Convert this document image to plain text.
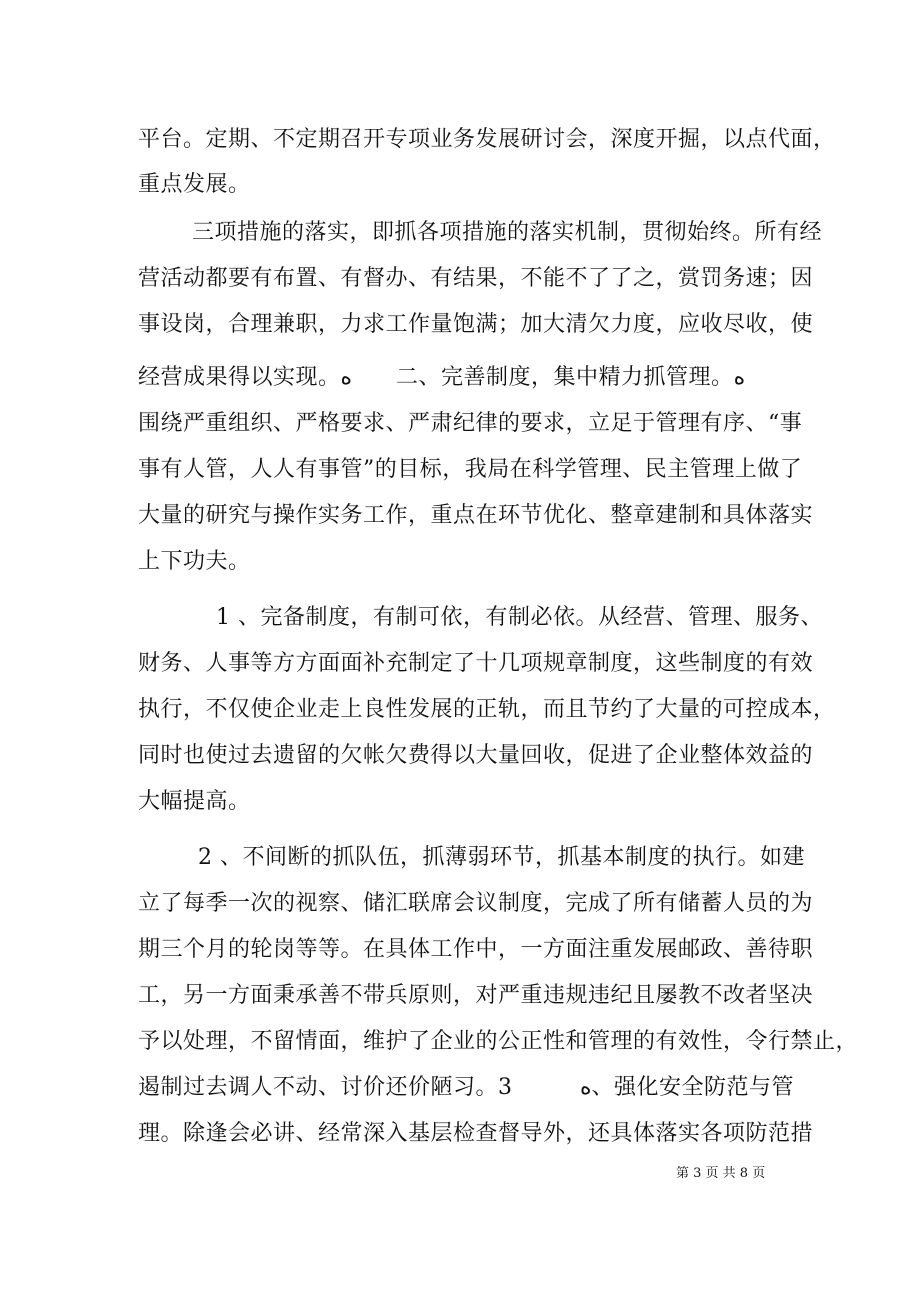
平台。定期、不定期召开专项业务发展研讨会，深度开掘，以点代面，
重点发展。
三项措施的落实，即抓各项措施的落实机制，贯彻始终。所有经
营活动都要有布置、有督办、有结果，不能不了了之，赏罚务速；因
事设岗，合理兼职，力求工作量饱满；加大清欠力度，应收尽收，使
经营成果得以实现。ﻩ　　二、完善制度，集中精力抓管理。ﻩ
围绕严重组织、严格要求、严肃纪律的要求，立足于管理有序、“事
事有人管，人人有事管”的目标，我局在科学管理、民主管理上做了
大量的研究与操作实务工作，重点在环节优化、整章建制和具体落实
上下功夫。
1 、完备制度，有制可依，有制必依。从经营、管理、服务、
财务、人事等方方面面补充制定了十几项规章制度，这些制度的有效
执行，不仅使企业走上良性发展的正轨，而且节约了大量的可控成本，
同时也使过去遗留的欠帐欠费得以大量回收，促进了企业整体效益的
大幅提高。
2 、不间断的抓队伍，抓薄弱环节，抓基本制度的执行。如建
立了每季一次的视察、储汇联席会议制度，完成了所有储蓄人员的为
期三个月的轮岗等等。在具体工作中，一方面注重发展邮政、善待职
工，另一方面秉承善不带兵原则，对严重违规违纪且屡教不改者坚决
予以处理，不留情面，维护了企业的公正性和管理的有效性，令行禁止，
遏制过去调人不动、讨价还价陋习。3　　　ﻩ、强化安全防范与管
理。除逢会必讲、经常深入基层检查督导外，还具体落实各项防范措
第 3 页 共 8 页
